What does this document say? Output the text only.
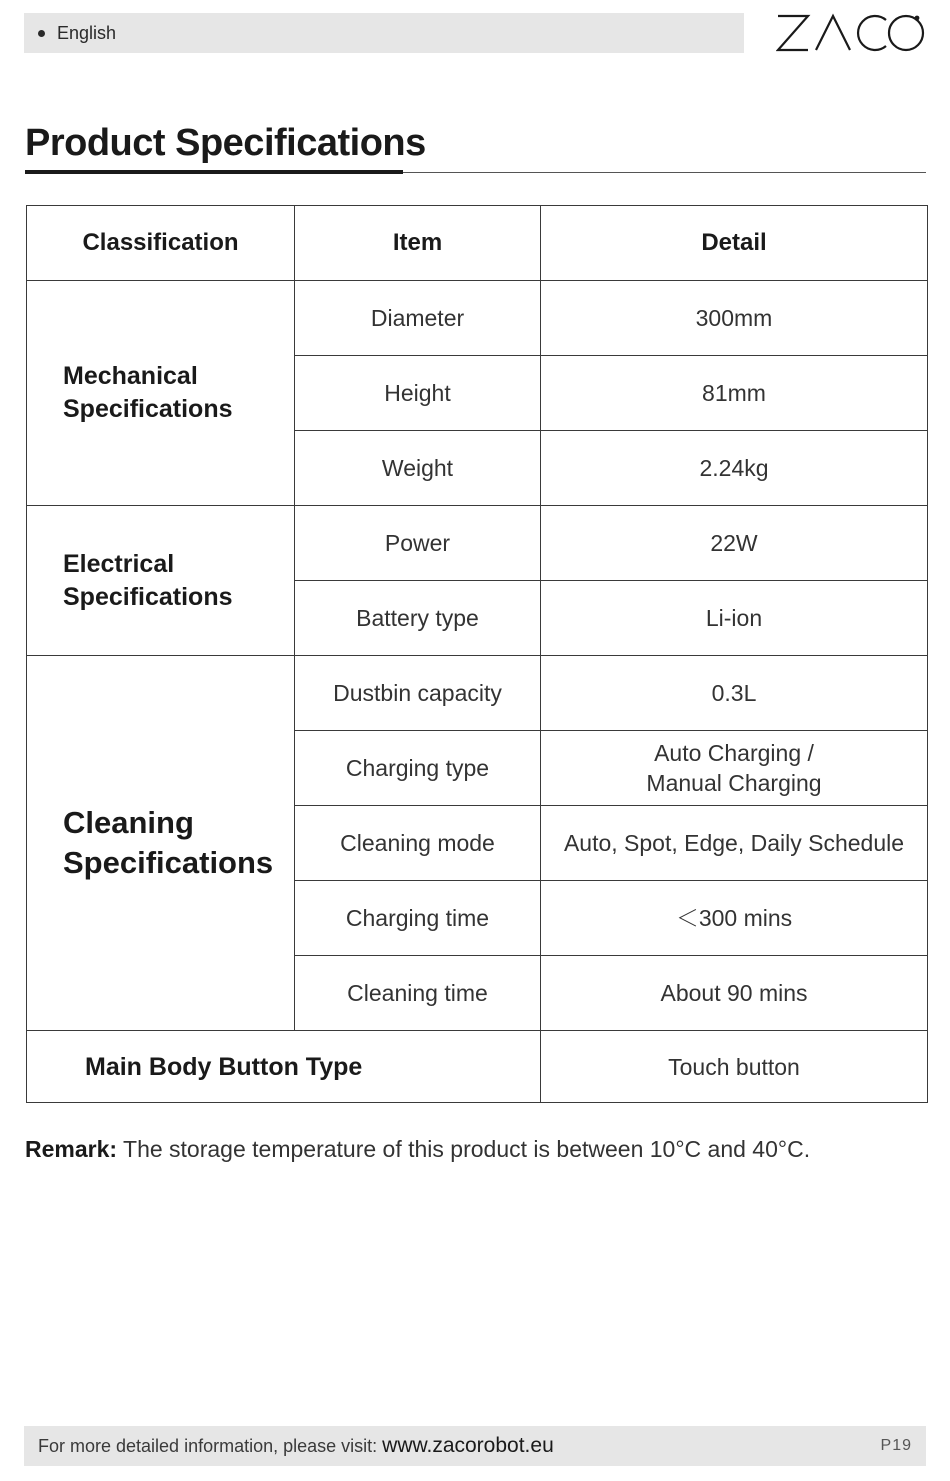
English
Product Specifications
Classification	Item	Detail
Mechanical
Specifications	Diameter	300mm
	Height	81mm
	Weight	2.24kg
Electrical
Specifications	Power	22W
	Battery type	Li-ion
Cleaning
Specifications	Dustbin capacity	0.3L
	Charging type	Auto Charging /
Manual Charging
	Cleaning mode	Auto, Spot, Edge, Daily Schedule
	Charging time	＜300 mins
	Cleaning time	About 90 mins
Main Body Button Type		Touch button
Remark: The storage temperature of this product is between 10°C and 40°C.
For more detailed information, please visit: www.zacorobot.eu	P19
